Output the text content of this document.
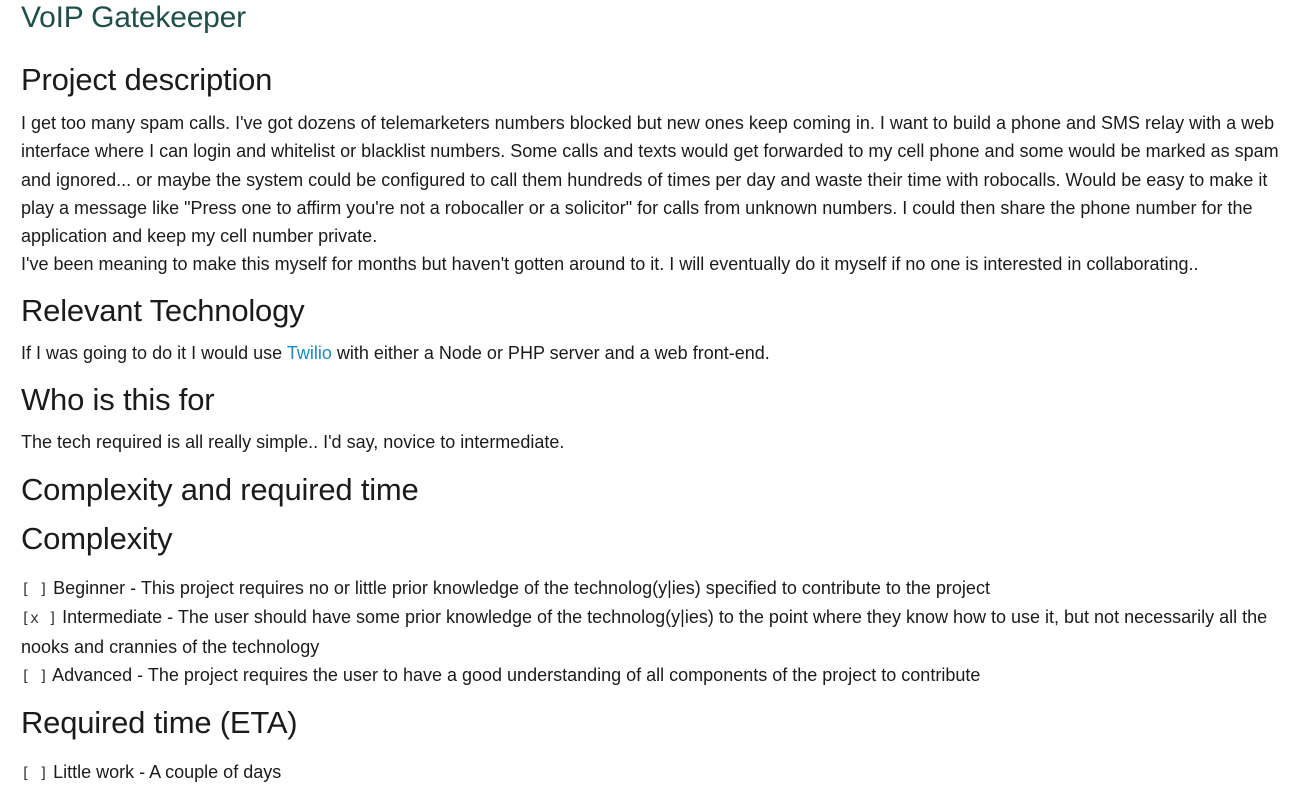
VoIP Gatekeeper
Project description

I get too many spam calls. I've got dozens of telemarketers numbers blocked but new ones keep coming in. I want to build a phone and SMS relay with a web interface where I can login and whitelist or blacklist numbers. Some calls and texts would get forwarded to my cell phone and some would be marked as spam and ignored... or maybe the system could be configured to call them hundreds of times per day and waste their time with robocalls. Would be easy to make it play a message like "Press one to affirm you're not a robocaller or a solicitor" for calls from unknown numbers. I could then share the phone number for the application and keep my cell number private.
I've been meaning to make this myself for months but haven't gotten around to it. I will eventually do it myself if no one is interested in collaborating..

Relevant Technology

If I was going to do it I would use Twilio with either a Node or PHP server and a web front-end.

Who is this for

The tech required is all really simple.. I'd say, novice to intermediate.

Complexity and required time
Complexity

[ ] Beginner - This project requires no or little prior knowledge of the technolog(y|ies) specified to contribute to the project
[x ] Intermediate - The user should have some prior knowledge of the technolog(y|ies) to the point where they know how to use it, but not necessarily all the nooks and crannies of the technology
[ ] Advanced - The project requires the user to have a good understanding of all components of the project to contribute

Required time (ETA)

[ ] Little work - A couple of days
